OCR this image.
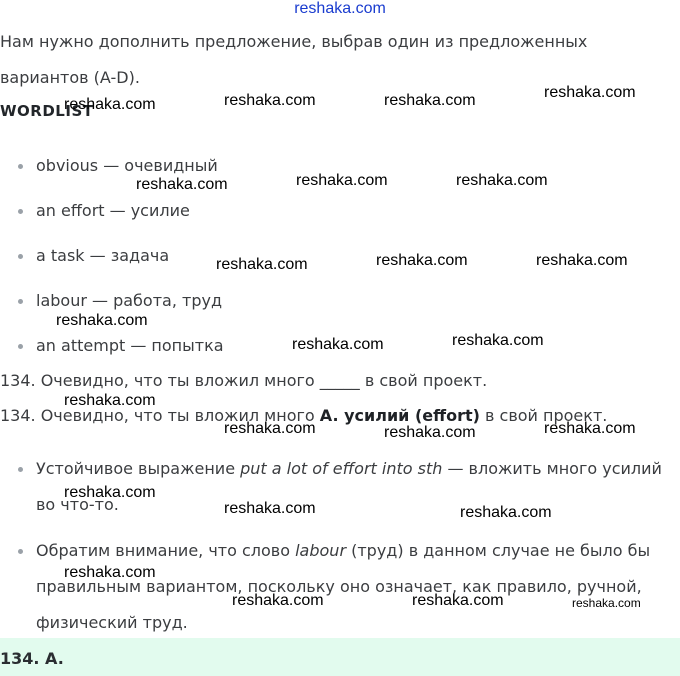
reshaka.com
Нам нужно дополнить предложение, выбрав один из предложенных
вариантов (A-D).
WORDLIST
obvious — очевидный
an effort — усилие
a task — задача
labour — работа, труд
an attempt — попытка
134. Очевидно, что ты вложил много _____ в свой проект.
134. Очевидно, что ты вложил много A. усилий (effort) в свой проект.
Устойчивое выражение put a lot of effort into sth — вложить много усилий
во что-то.
Обратим внимание, что слово labour (труд) в данном случае не было бы
правильным вариантом, поскольку оно означает, как правило, ручной,
физический труд.
134. A.
reshaka.com	reshaka.com	reshaka.com	reshaka.com
reshaka.com	reshaka.com	reshaka.com
reshaka.com	reshaka.com	reshaka.com
reshaka.com
reshaka.com	reshaka.com
reshaka.com
reshaka.com	reshaka.com	reshaka.com
reshaka.com
reshaka.com	reshaka.com
reshaka.com
reshaka.com	reshaka.com	reshaka.com
